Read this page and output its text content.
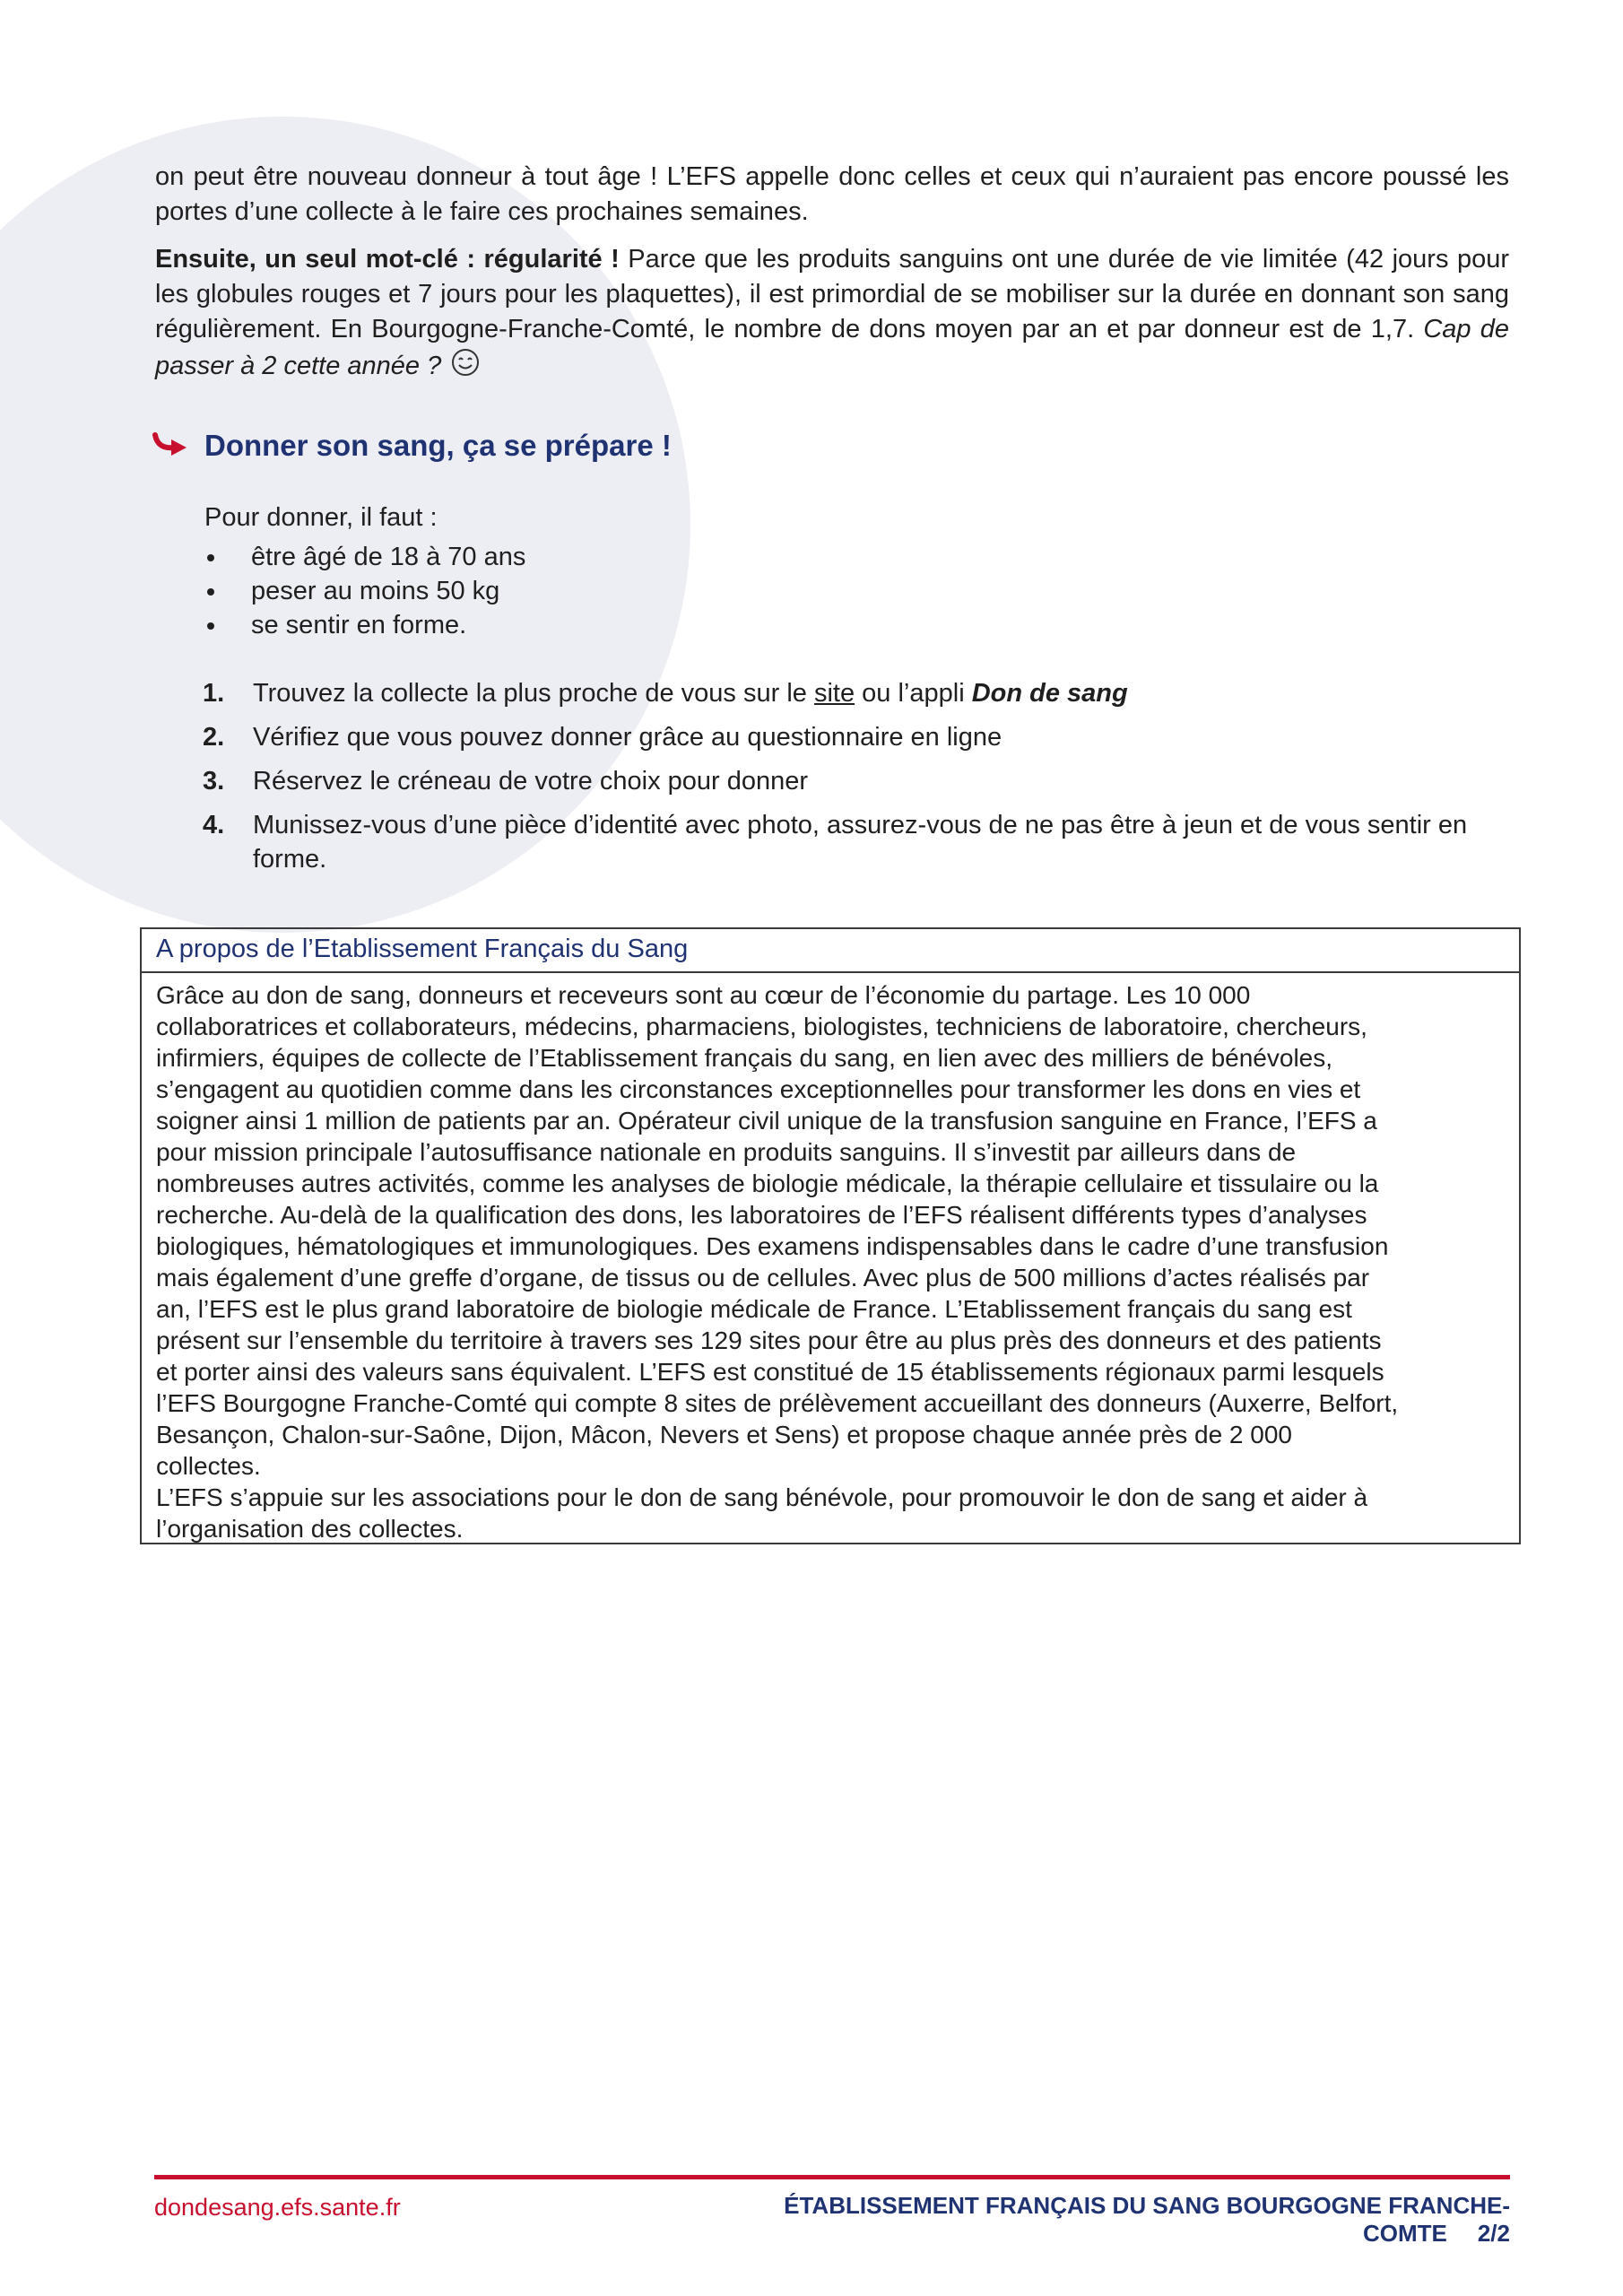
on peut être nouveau donneur à tout âge ! L’EFS appelle donc celles et ceux qui n’auraient pas encore poussé les portes d’une collecte à le faire ces prochaines semaines.

Ensuite, un seul mot-clé : régularité ! Parce que les produits sanguins ont une durée de vie limitée (42 jours pour les globules rouges et 7 jours pour les plaquettes), il est primordial de se mobiliser sur la durée en donnant son sang régulièrement. En Bourgogne-Franche-Comté, le nombre de dons moyen par an et par donneur est de 1,7. Cap de passer à 2 cette année ?

Donner son sang, ça se prépare !
Pour donner, il faut :
être âgé de 18 à 70 ans
peser au moins 50 kg
se sentir en forme.
1. Trouvez la collecte la plus proche de vous sur le site ou l’appli Don de sang
2. Vérifiez que vous pouvez donner grâce au questionnaire en ligne
3. Réservez le créneau de votre choix pour donner
4. Munissez-vous d’une pièce d’identité avec photo, assurez-vous de ne pas être à jeun et de vous sentir en forme.
A propos de l’Etablissement Français du Sang
Grâce au don de sang, donneurs et receveurs sont au cœur de l’économie du partage. Les 10 000
collaboratrices et collaborateurs, médecins, pharmaciens, biologistes, techniciens de laboratoire, chercheurs,
infirmiers, équipes de collecte de l’Etablissement français du sang, en lien avec des milliers de bénévoles,
s’engagent au quotidien comme dans les circonstances exceptionnelles pour transformer les dons en vies et
soigner ainsi 1 million de patients par an. Opérateur civil unique de la transfusion sanguine en France, l’EFS a
pour mission principale l’autosuffisance nationale en produits sanguins. Il s’investit par ailleurs dans de
nombreuses autres activités, comme les analyses de biologie médicale, la thérapie cellulaire et tissulaire ou la
recherche. Au-delà de la qualification des dons, les laboratoires de l’EFS réalisent différents types d’analyses
biologiques, hématologiques et immunologiques. Des examens indispensables dans le cadre d’une transfusion
mais également d’une greffe d’organe, de tissus ou de cellules. Avec plus de 500 millions d’actes réalisés par
an, l’EFS est le plus grand laboratoire de biologie médicale de France. L’Etablissement français du sang est
présent sur l’ensemble du territoire à travers ses 129 sites pour être au plus près des donneurs et des patients
et porter ainsi des valeurs sans équivalent. L’EFS est constitué de 15 établissements régionaux parmi lesquels
l’EFS Bourgogne Franche-Comté qui compte 8 sites de prélèvement accueillant des donneurs (Auxerre, Belfort,
Besançon, Chalon-sur-Saône, Dijon, Mâcon, Nevers et Sens) et propose chaque année près de 2 000
collectes.
L’EFS s’appuie sur les associations pour le don de sang bénévole, pour promouvoir le don de sang et aider à
l’organisation des collectes.
dondesang.efs.sante.fr	ÉTABLISSEMENT FRANÇAIS DU SANG BOURGOGNE FRANCHE-COMTE 2/2
